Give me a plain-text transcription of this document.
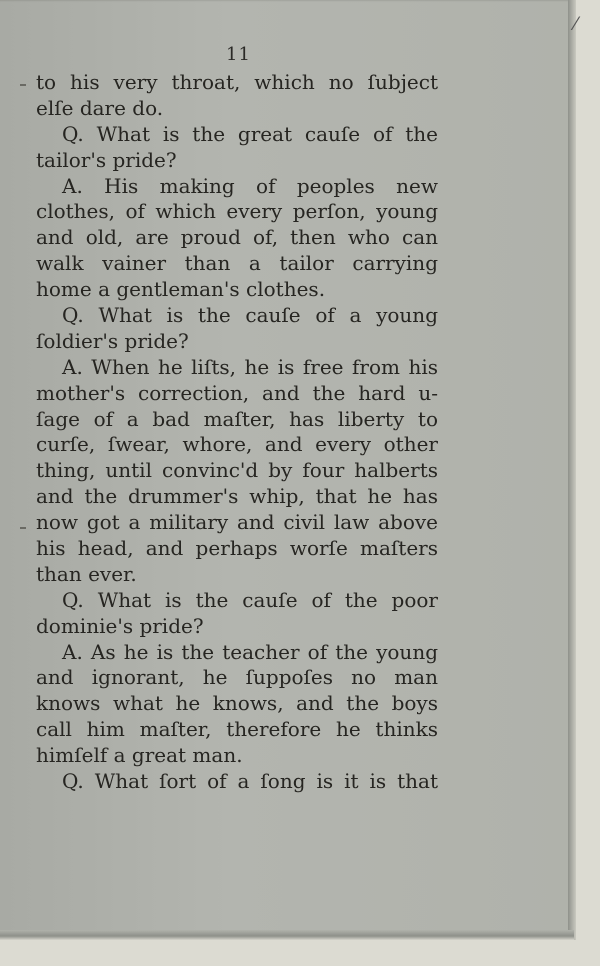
⁄
11
to his very throat, which no ſubject
elſe dare do.
Q. What is the great cauſe of the
tailor's pride?
A. His making of peoples new
clothes, of which every perſon, young
and old, are proud of, then who can
walk vainer than a tailor carrying
home a gentleman's clothes.
Q. What is the cauſe of a young
ſoldier's pride?
A. When he liſts, he is free from his
mother's correction, and the hard u-
ſage of a bad maſter, has liberty to
curſe, ſwear, whore, and every other
thing, until convinc'd by four halberts
and the drummer's whip, that he has
now got a military and civil law above
his head, and perhaps worſe maſters
than ever.
Q. What is the cauſe of the poor
dominie's pride?
A. As he is the teacher of the young
and ignorant, he ſuppoſes no man
knows what he knows, and the boys
call him maſter, therefore he thinks
himſelf a great man.
Q. What ſort of a ſong is it is that
